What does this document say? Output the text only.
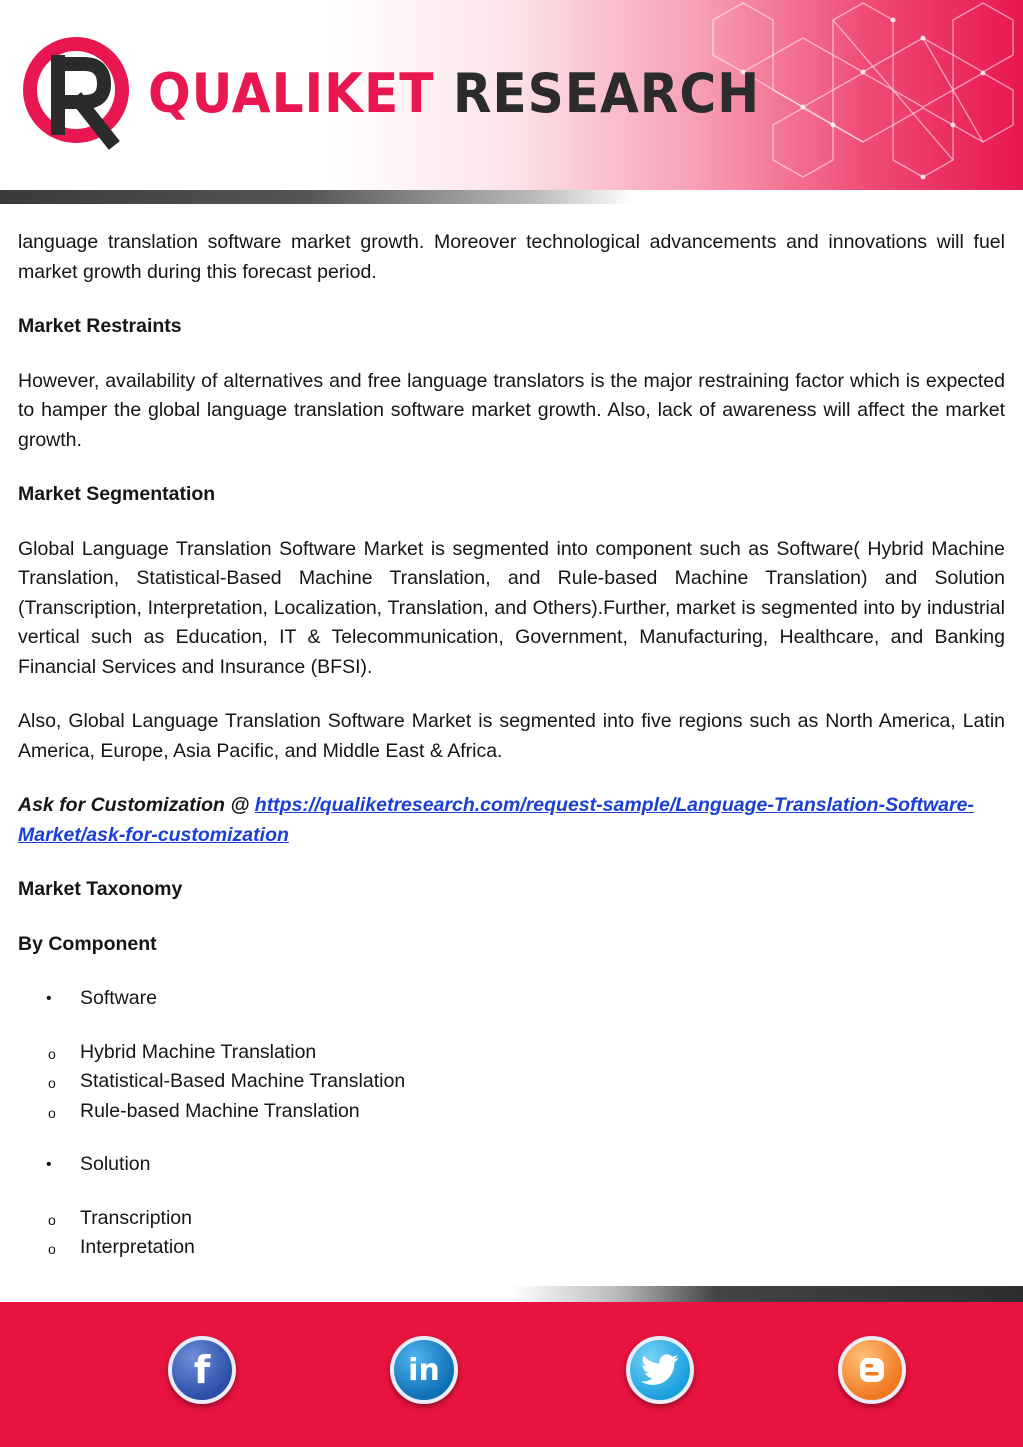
QUALIKET RESEARCH

language translation software market growth. Moreover technological advancements and innovations will fuel market growth during this forecast period.

Market Restraints

However, availability of alternatives and free language translators is the major restraining factor which is expected to hamper the global language translation software market growth. Also, lack of awareness will affect the market growth.

Market Segmentation

Global Language Translation Software Market is segmented into component such as Software( Hybrid Machine Translation, Statistical-Based Machine Translation, and Rule-based Machine Translation) and Solution (Transcription, Interpretation, Localization, Translation, and Others).Further, market is segmented into by industrial vertical such as Education, IT & Telecommunication, Government, Manufacturing, Healthcare, and Banking Financial Services and Insurance (BFSI).

Also, Global Language Translation Software Market is segmented into five regions such as North America, Latin America, Europe, Asia Pacific, and Middle East & Africa.

Ask for Customization @ https://qualiketresearch.com/request-sample/Language-Translation-Software-Market/ask-for-customization

Market Taxonomy

By Component

• Software
o Hybrid Machine Translation
o Statistical-Based Machine Translation
o Rule-based Machine Translation
• Solution
o Transcription
o Interpretation
f	in
